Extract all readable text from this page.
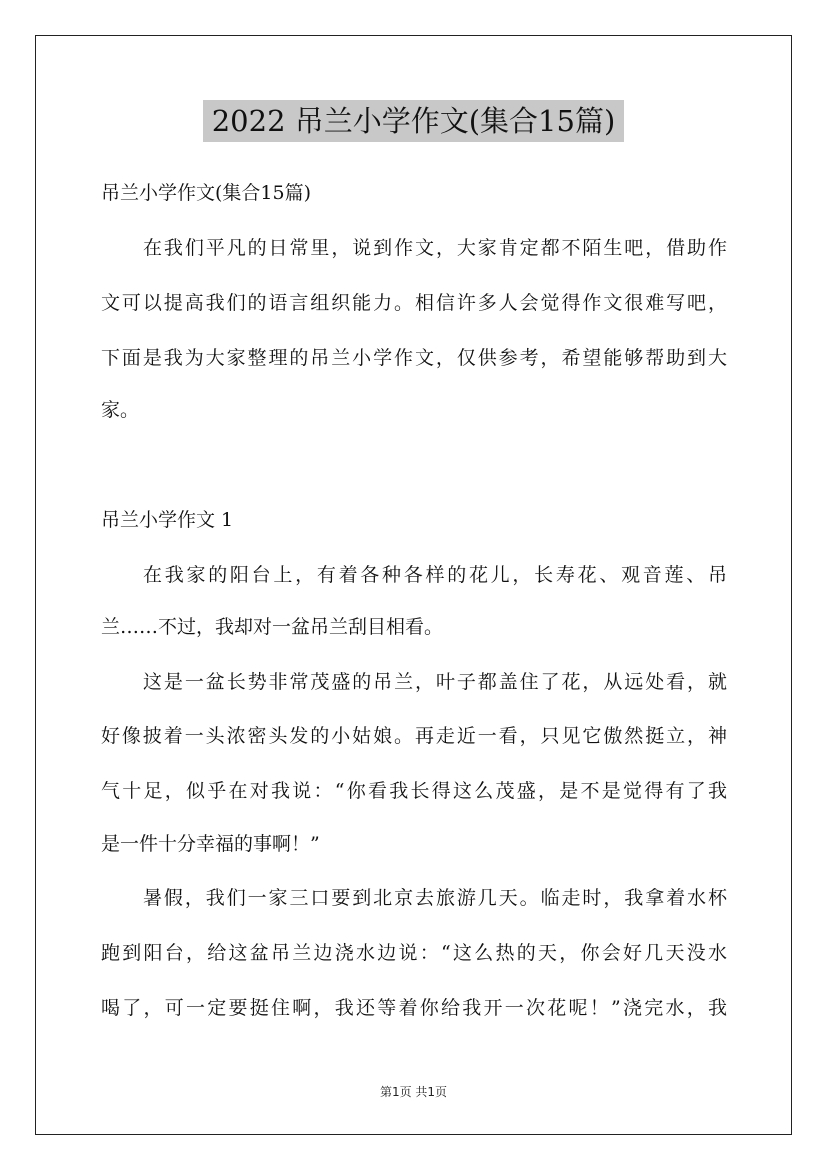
2022 吊兰小学作文(集合15篇)
吊兰小学作文(集合15篇)
在我们平凡的日常里，说到作文，大家肯定都不陌生吧，借助作
文可以提高我们的语言组织能力。相信许多人会觉得作文很难写吧，
下面是我为大家整理的吊兰小学作文，仅供参考，希望能够帮助到大
家。
吊兰小学作文 1
在我家的阳台上，有着各种各样的花儿，长寿花、观音莲、吊
兰……不过，我却对一盆吊兰刮目相看。
这是一盆长势非常茂盛的吊兰，叶子都盖住了花，从远处看，就
好像披着一头浓密头发的小姑娘。再走近一看，只见它傲然挺立，神
气十足，似乎在对我说：“你看我长得这么茂盛，是不是觉得有了我
是一件十分幸福的事啊！”
暑假，我们一家三口要到北京去旅游几天。临走时，我拿着水杯
跑到阳台，给这盆吊兰边浇水边说：“这么热的天，你会好几天没水
喝了，可一定要挺住啊，我还等着你给我开一次花呢！”浇完水，我
第1页 共1页
